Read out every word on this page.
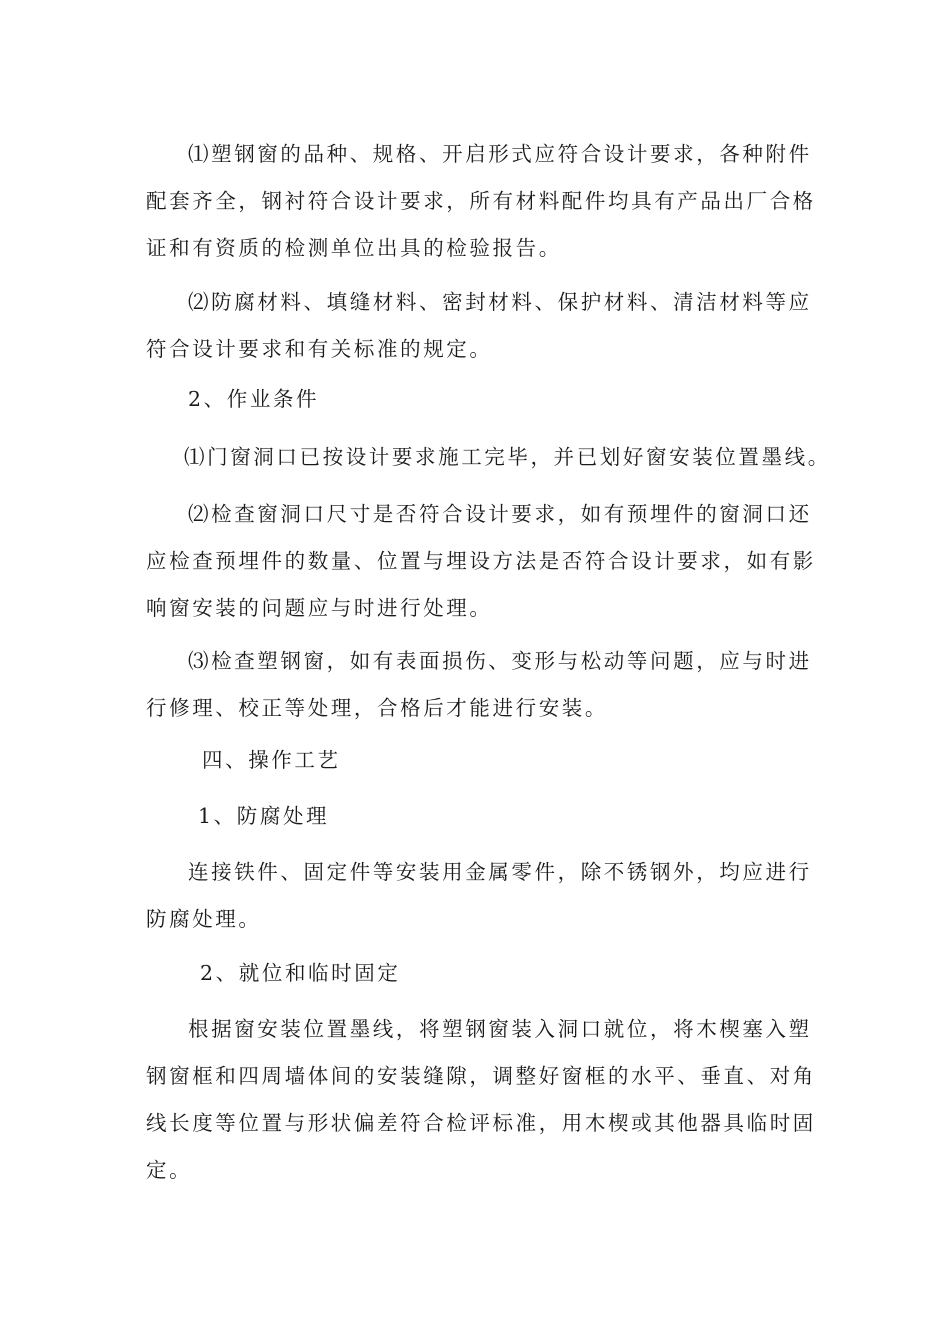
⑴塑钢窗的品种、规格、开启形式应符合设计要求，各种附件
配套齐全，钢衬符合设计要求，所有材料配件均具有产品出厂合格
证和有资质的检测单位出具的检验报告。
⑵防腐材料、填缝材料、密封材料、保护材料、清洁材料等应
符合设计要求和有关标准的规定。
2、作业条件
⑴门窗洞口已按设计要求施工完毕，并已划好窗安装位置墨线。
⑵检查窗洞口尺寸是否符合设计要求，如有预埋件的窗洞口还
应检查预埋件的数量、位置与埋设方法是否符合设计要求，如有影
响窗安装的问题应与时进行处理。
⑶检查塑钢窗，如有表面损伤、变形与松动等问题，应与时进
行修理、校正等处理，合格后才能进行安装。
四、操作工艺
1、防腐处理
连接铁件、固定件等安装用金属零件，除不锈钢外，均应进行
防腐处理。
2、就位和临时固定
根据窗安装位置墨线，将塑钢窗装入洞口就位，将木楔塞入塑
钢窗框和四周墙体间的安装缝隙，调整好窗框的水平、垂直、对角
线长度等位置与形状偏差符合检评标准，用木楔或其他器具临时固
定。
